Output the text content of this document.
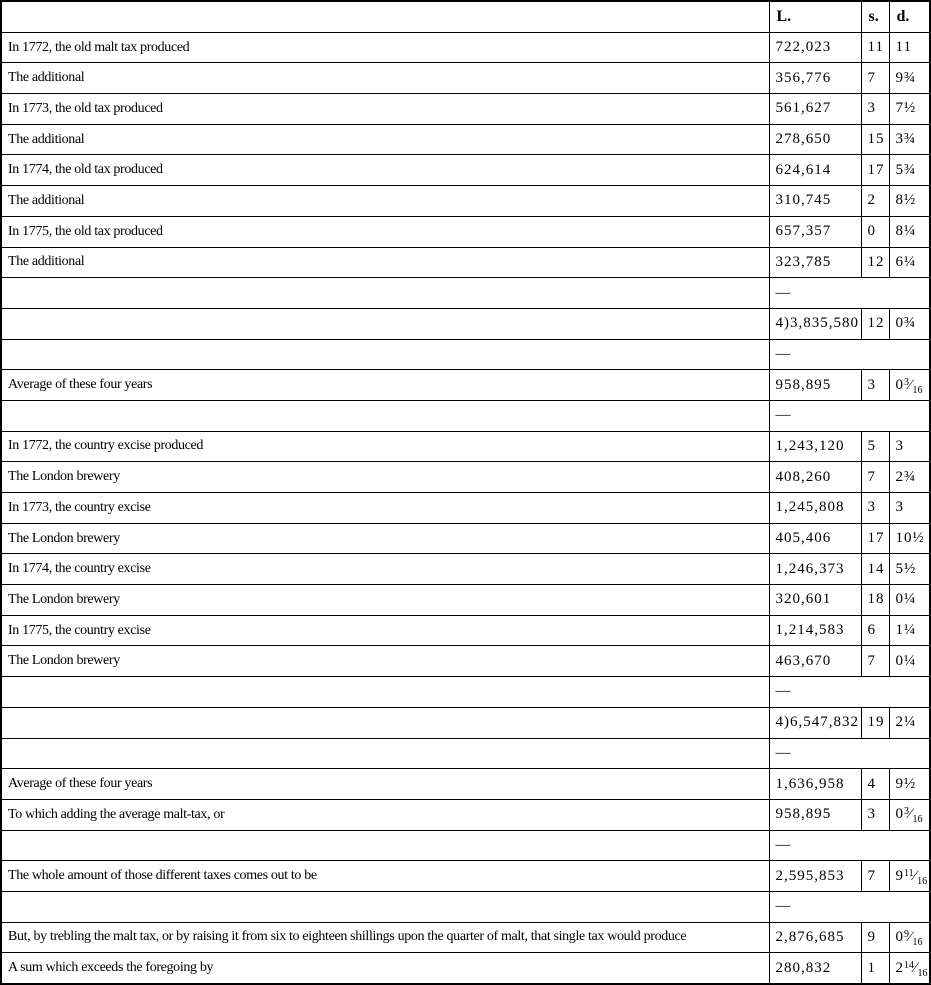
	L.	s.	d.
In 1772, the old malt tax produced	722,023	11	11
The additional	356,776	7	9¾
In 1773, the old tax produced	561,627	3	7½
The additional	278,650	15	3¾
In 1774, the old tax produced	624,614	17	5¾
The additional	310,745	2	8½
In 1775, the old tax produced	657,357	0	8¼
The additional	323,785	12	6¼
	—		
	4)3,835,580	12	0¾
	—		
Average of these four years	958,895	3	$0^3⁄_{16}$
	—		
In 1772, the country excise produced	1,243,120	5	3
The London brewery	408,260	7	2¾
In 1773, the country excise	1,245,808	3	3
The London brewery	405,406	17	10½
In 1774, the country excise	1,246,373	14	5½
The London brewery	320,601	18	0¼
In 1775, the country excise	1,214,583	6	1¼
The London brewery	463,670	7	0¼
	—		
	4)6,547,832	19	2¼
	—		
Average of these four years	1,636,958	4	9½
To which adding the average malt-tax, or	958,895	3	$0^3⁄_{16}$
	—		
The whole amount of those different taxes comes out to be	2,595,853	7	$9^{11}⁄_{16}$
	—		
But, by trebling the malt tax, or by raising it from six to eighteen shillings upon the quarter of malt, that single tax would produce	2,876,685	9	$0^9⁄_{16}$
A sum which exceeds the foregoing by	280,832	1	$2^{14}⁄_{16}$
